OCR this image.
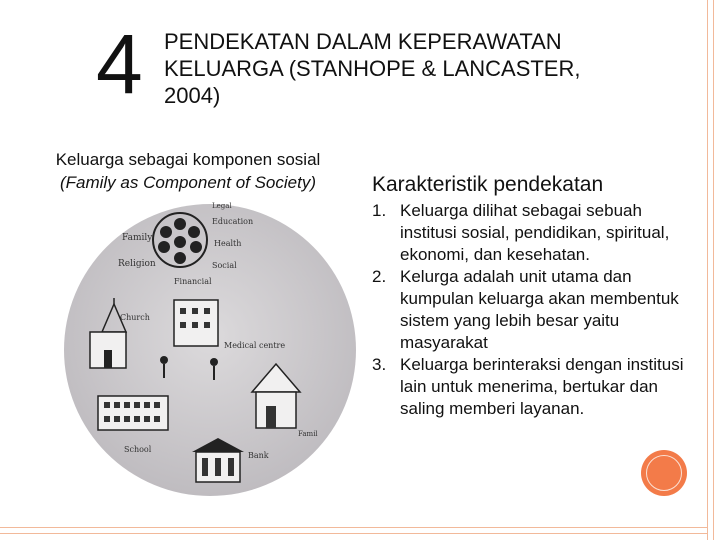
4 PENDEKATAN DALAM KEPERAWATAN KELUARGA (STANHOPE & LANCASTER, 2004)
Keluarga sebagai komponen sosial
(Family as Component of Society)
Family
Religion
Legal
Education
Health
Social
Financial
Church
Medical centre
Famil
School
Bank
Karakteristik pendekatan
1. Keluarga dilihat sebagai sebuah institusi sosial, pendidikan, spiritual, ekonomi, dan kesehatan.
2. Kelurga adalah unit utama dan kumpulan keluarga akan membentuk sistem yang lebih besar yaitu masyarakat
3. Keluarga berinteraksi dengan institusi lain untuk menerima, bertukar dan saling memberi layanan.
